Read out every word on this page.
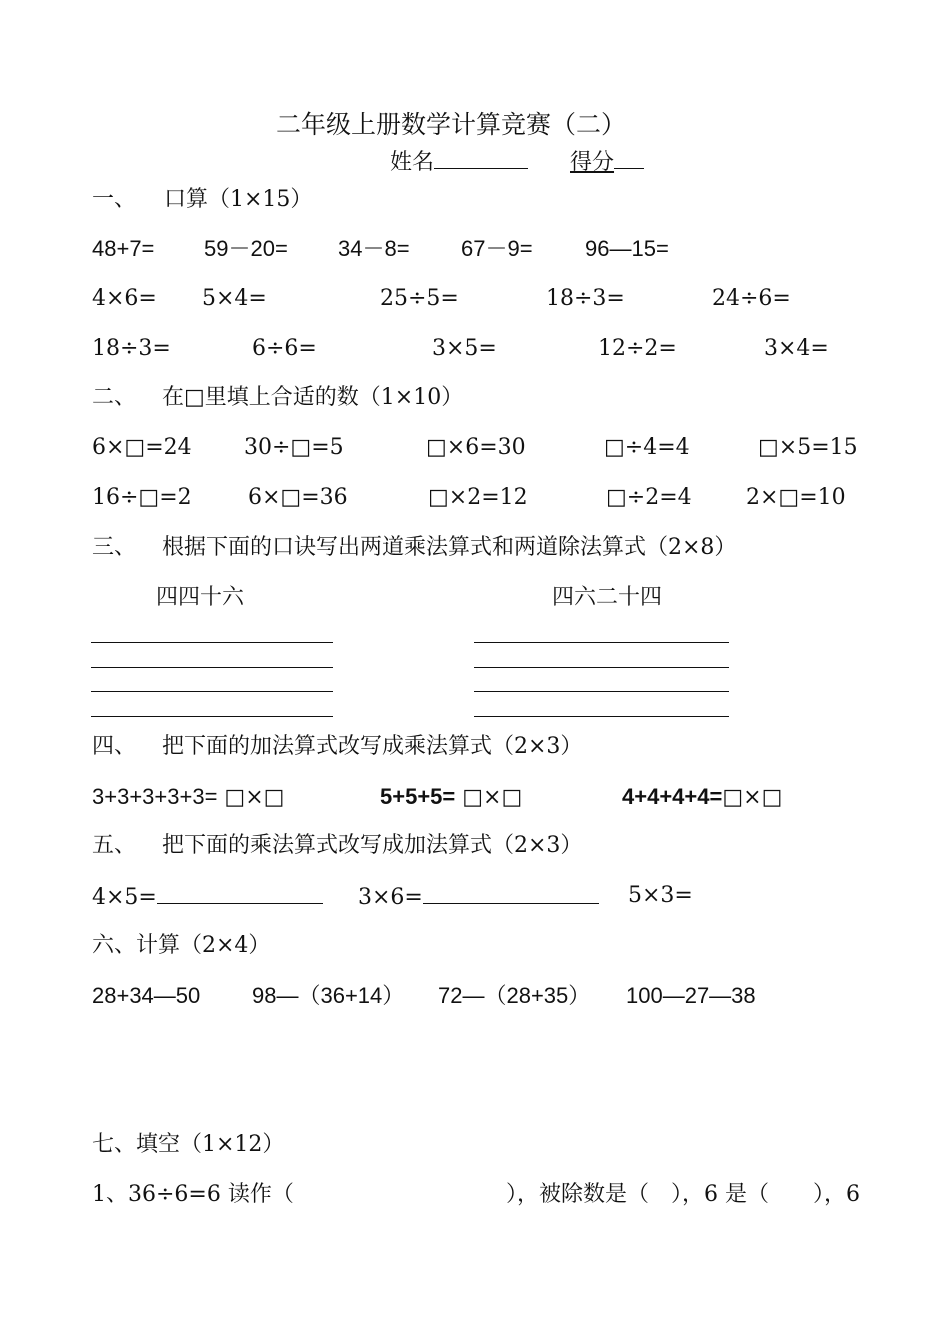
二年级上册数学计算竞赛（二）
姓名	得分
一、 口算（1×15）
48+7= 59－20= 34－8= 67－9= 96—15=
4×6= 5×4=	25÷5=	18÷3=	24÷6=
18÷3=	6÷6=	3×5=	12÷2=	3×4=
二、 在□里填上合适的数（1×10）
6×□=24 30÷□=5	□×6=30	□÷4=4	□×5=15
16÷□=2	6×□=36	□×2=12	□÷2=4 2×□=10
三、 根据下面的口诀写出两道乘法算式和两道除法算式（2×8）
四四十六	四六二十四
四、 把下面的加法算式改写成乘法算式（2×3）
3+3+3+3+3= □×□	5+5+5= □×□	4+4+4+4=□×□
五、 把下面的乘法算式改写成加法算式（2×3）
4×5=	3×6=	5×3=
六、计算（2×4）
28+34—50 98—（36+14） 72—（28+35） 100—27—38
七、填空（1×12）
1、36÷6=6 读作（	），被除数是（　），6 是（　　），6
